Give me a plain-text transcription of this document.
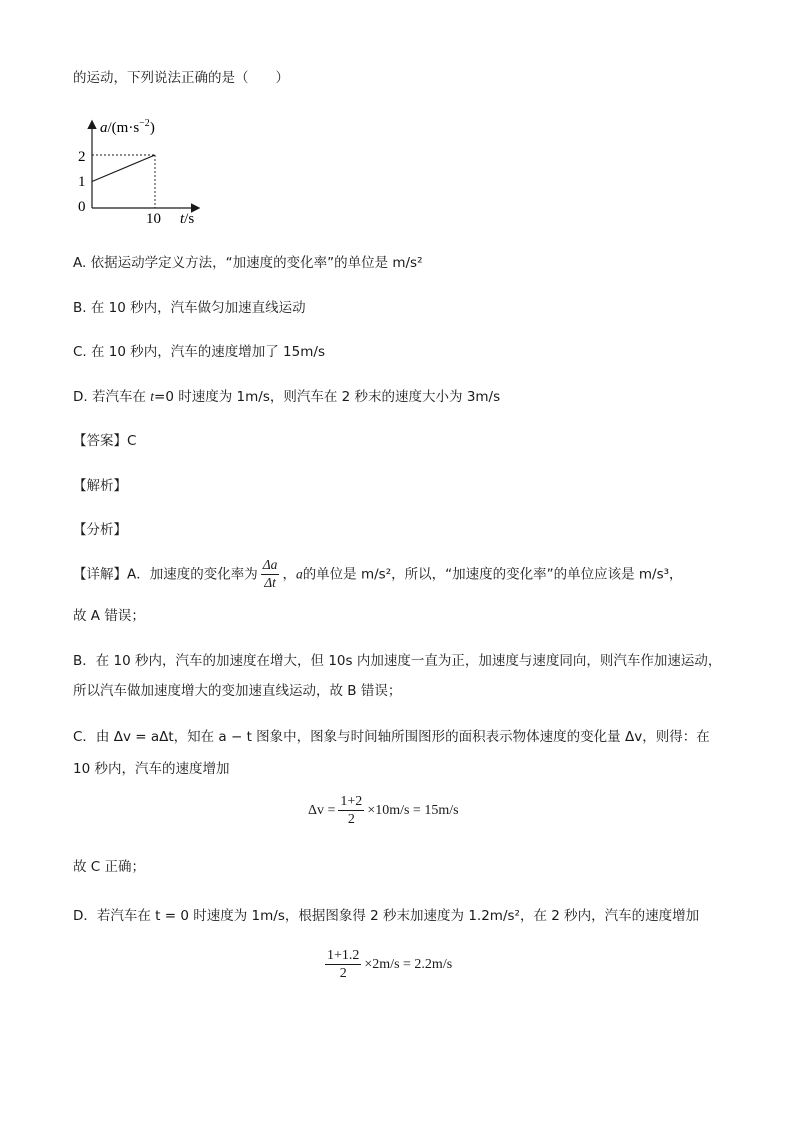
的运动，下列说法正确的是（　　）
$a/(m\cdot s^{-2})$
2
1
0
10 t/s
A. 依据运动学定义方法，“加速度的变化率”的单位是 m/s²
B. 在 10 秒内，汽车做匀加速直线运动
C. 在 10 秒内，汽车的速度增加了 15m/s
D. 若汽车在 t=0 时速度为 1m/s，则汽车在 2 秒末的速度大小为 3m/s
【答案】C
【解析】
【分析】
【详解】A．加速度的变化率为 $\frac{\Delta a}{\Delta t}$ ，a的单位是 m/s²，所以，“加速度的变化率”的单位应该是 m/s³，
故 A 错误；
B．在 10 秒内，汽车的加速度在增大，但 10s 内加速度一直为正，加速度与速度同向，则汽车作加速运动，
所以汽车做加速度增大的变加速直线运动，故 B 错误；
C．由 Δv = aΔt，知在 a − t 图象中，图象与时间轴所围图形的面积表示物体速度的变化量 Δv，则得：在
10 秒内，汽车的速度增加
$\Delta v = \frac{1+2}{2} \times 10m/s = 15m/s$
故 C 正确；
D．若汽车在 t = 0 时速度为 1m/s，根据图象得 2 秒末加速度为 1.2m/s²，在 2 秒内，汽车的速度增加
$\frac{1+1.2}{2} \times 2m/s = 2.2m/s$
